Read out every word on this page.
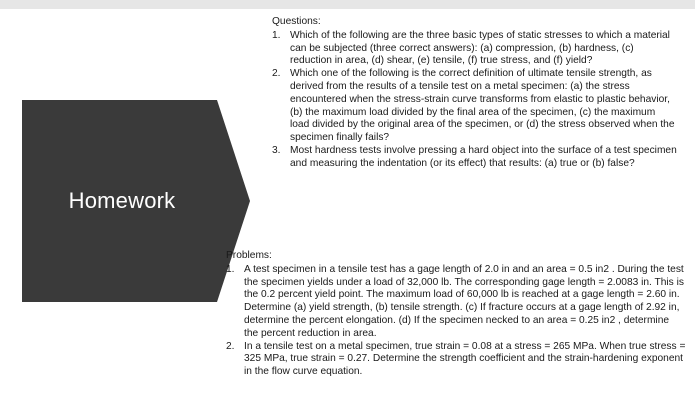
Homework
Questions:
1. Which of the following are the three basic types of static stresses to which a material can be subjected (three correct answers): (a) compression, (b) hardness, (c) reduction in area, (d) shear, (e) tensile, (f) true stress, and (f) yield?
2. Which one of the following is the correct definition of ultimate tensile strength, as derived from the results of a tensile test on a metal specimen: (a) the stress encountered when the stress-strain curve transforms from elastic to plastic behavior, (b) the maximum load divided by the final area of the specimen, (c) the maximum load divided by the original area of the specimen, or (d) the stress observed when the specimen finally fails?
3. Most hardness tests involve pressing a hard object into the surface of a test specimen and measuring the indentation (or its effect) that results: (a) true or (b) false?
Problems:
1. A test specimen in a tensile test has a gage length of 2.0 in and an area = 0.5 in2 . During the test the specimen yields under a load of 32,000 lb. The corresponding gage length = 2.0083 in. This is the 0.2 percent yield point. The maximum load of 60,000 lb is reached at a gage length = 2.60 in. Determine (a) yield strength, (b) tensile strength. (c) If fracture occurs at a gage length of 2.92 in, determine the percent elongation. (d) If the specimen necked to an area = 0.25 in2 , determine the percent reduction in area.
2. In a tensile test on a metal specimen, true strain = 0.08 at a stress = 265 MPa. When true stress = 325 MPa, true strain = 0.27. Determine the strength coefficient and the strain-hardening exponent in the flow curve equation.
